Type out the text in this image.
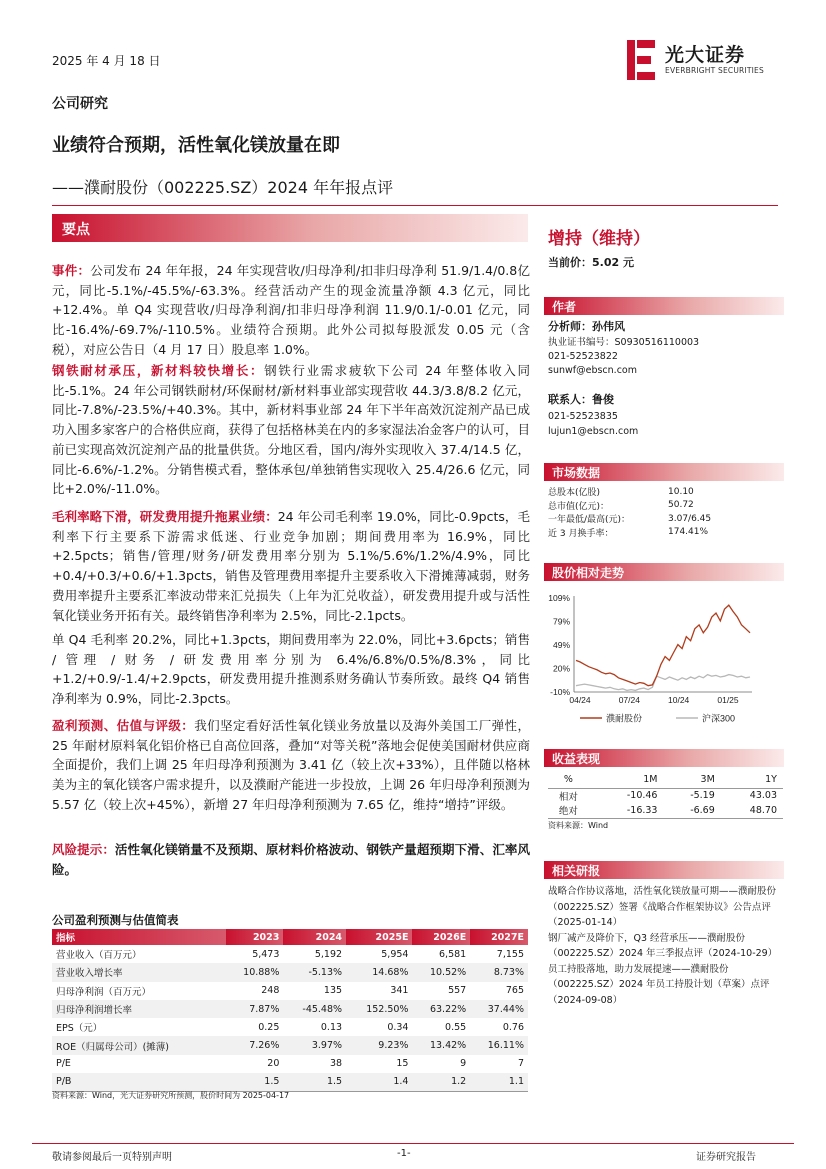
2025 年 4 月 18 日	光大证券
EVERBRIGHT SECURITIES
公司研究
业绩符合预期，活性氧化镁放量在即
——濮耐股份（002225.SZ）2024 年年报点评
要点
事件：公司发布 24 年年报，24 年实现营收/归母净利/扣非归母净利 51.9/1.4/0.8亿元，同比-5.1%/-45.5%/-63.3%。经营活动产生的现金流量净额 4.3 亿元，同比+12.4%。单 Q4 实现营收/归母净利润/扣非归母净利润 11.9/0.1/-0.01 亿元，同比-16.4%/-69.7%/-110.5%。业绩符合预期。此外公司拟每股派发 0.05 元（含税），对应公告日（4 月 17 日）股息率 1.0%。
钢铁耐材承压，新材料较快增长：钢铁行业需求疲软下公司 24 年整体收入同比-5.1%。24 年公司钢铁耐材/环保耐材/新材料事业部实现营收 44.3/3.8/8.2 亿元，同比-7.8%/-23.5%/+40.3%。其中，新材料事业部 24 年下半年高效沉淀剂产品已成功入围多家客户的合格供应商，获得了包括格林美在内的多家湿法冶金客户的认可，目前已实现高效沉淀剂产品的批量供货。分地区看，国内/海外实现收入 37.4/14.5 亿，同比-6.6%/-1.2%。分销售模式看，整体承包/单独销售实现收入 25.4/26.6 亿元，同比+2.0%/-11.0%。
毛利率略下滑，研发费用提升拖累业绩：24 年公司毛利率 19.0%，同比-0.9pcts，毛利率下行主要系下游需求低迷、行业竞争加剧；期间费用率为 16.9%，同比+2.5pcts；销售/管理/财务/研发费用率分别为 5.1%/5.6%/1.2%/4.9%，同比+0.4/+0.3/+0.6/+1.3pcts，销售及管理费用率提升主要系收入下滑摊薄减弱，财务费用率提升主要系汇率波动带来汇兑损失（上年为汇兑收益），研发费用提升或与活性氧化镁业务开拓有关。最终销售净利率为 2.5%，同比-2.1pcts。
单 Q4 毛利率 20.2%，同比+1.3pcts，期间费用率为 22.0%，同比+3.6pcts；销售 / 管理 / 财务 / 研发费用率分别为 6.4%/6.8%/0.5%/8.3%，同比+1.2/+0.9/-1.4/+2.9pcts，研发费用提升推测系财务确认节奏所致。最终 Q4 销售净利率为 0.9%，同比-2.3pcts。
盈利预测、估值与评级：我们坚定看好活性氧化镁业务放量以及海外美国工厂弹性，25 年耐材原料氧化铝价格已自高位回落，叠加“对等关税”落地会促使美国耐材供应商全面提价，我们上调 25 年归母净利预测为 3.41 亿（较上次+33%），且伴随以格林美为主的氧化镁客户需求提升，以及濮耐产能进一步投放，上调 26 年归母净利预测为 5.57 亿（较上次+45%），新增 27 年归母净利预测为 7.65 亿，维持“增持”评级。
风险提示：活性氧化镁销量不及预期、原材料价格波动、钢铁产量超预期下滑、汇率风险。
增持（维持）
当前价：5.02 元
作者
分析师：孙伟风
执业证书编号：S0930516110003
021-52523822
sunwf@ebscn.com
联系人：鲁俊
021-52523835
lujun1@ebscn.com
市场数据
总股本(亿股)	10.10
总市值(亿元)：	50.72
一年最低/最高(元)：	3.07/6.45
近 3 月换手率：	174.41%
股价相对走势
109%
79%
49%
20%
-10%
04/24	07/24	10/24	01/25
濮耐股份	沪深300
收益表现
%	1M	3M	1Y
相对	-10.46	-5.19	43.03
绝对	-16.33	-6.69	48.70
资料来源：Wind
相关研报
战略合作协议落地，活性氧化镁放量可期——濮耐股份（002225.SZ）签署《战略合作框架协议》公告点评（2025-01-14）
钢厂减产及降价下，Q3 经营承压——濮耐股份（002225.SZ）2024 年三季报点评（2024-10-29）
员工持股落地，助力发展提速——濮耐股份（002225.SZ）2024 年员工持股计划（草案）点评（2024-09-08）
公司盈利预测与估值简表
指标	2023	2024	2025E	2026E	2027E
营业收入（百万元）	5,473	5,192	5,954	6,581	7,155
营业收入增长率	10.88%	-5.13%	14.68%	10.52%	8.73%
归母净利润（百万元）	248	135	341	557	765
归母净利润增长率	7.87%	-45.48%	152.50%	63.22%	37.44%
EPS（元）	0.25	0.13	0.34	0.55	0.76
ROE（归属母公司）(摊薄)	7.26%	3.97%	9.23%	13.42%	16.11%
P/E	20	38	15	9	7
P/B	1.5	1.5	1.4	1.2	1.1
资料来源：Wind，光大证券研究所预测，股价时间为 2025-04-17
敬请参阅最后一页特别声明	-1-	证券研究报告
